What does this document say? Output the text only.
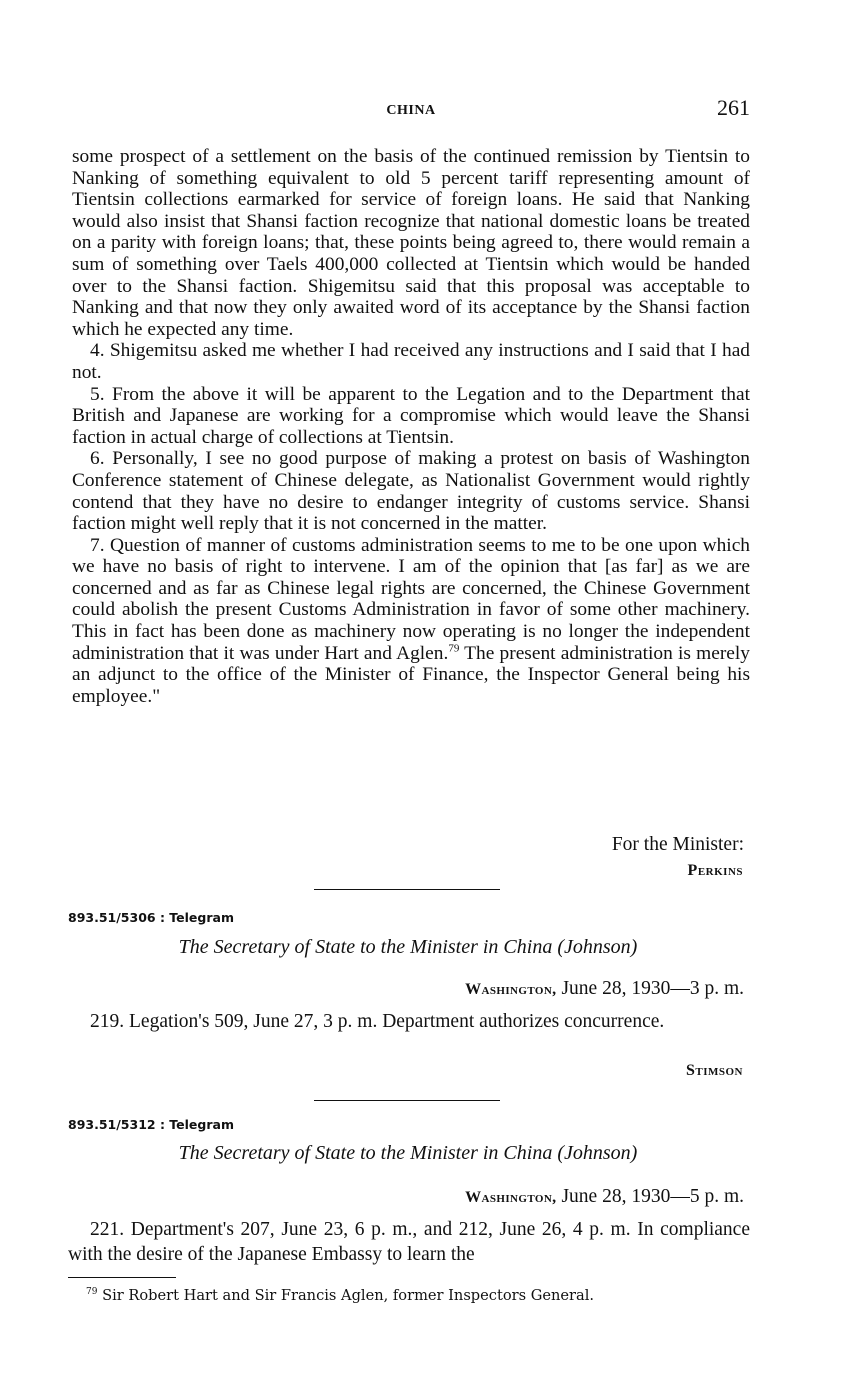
CHINA	261

some prospect of a settlement on the basis of the continued remission by Tientsin to Nanking of something equivalent to old 5 percent tariff representing amount of Tientsin collections earmarked for service of foreign loans. He said that Nanking would also insist that Shansi faction recognize that national domestic loans be treated on a parity with foreign loans; that, these points being agreed to, there would remain a sum of something over Taels 400,000 collected at Tientsin which would be handed over to the Shansi faction. Shigemitsu said that this proposal was acceptable to Nanking and that now they only awaited word of its acceptance by the Shansi faction which he expected any time.

4. Shigemitsu asked me whether I had received any instructions and I said that I had not.

5. From the above it will be apparent to the Legation and to the Department that British and Japanese are working for a compromise which would leave the Shansi faction in actual charge of collections at Tientsin.

6. Personally, I see no good purpose of making a protest on basis of Washington Conference statement of Chinese delegate, as Nationalist Government would rightly contend that they have no desire to endanger integrity of customs service. Shansi faction might well reply that it is not concerned in the matter.

7. Question of manner of customs administration seems to me to be one upon which we have no basis of right to intervene. I am of the opinion that [as far] as we are concerned and as far as Chinese legal rights are concerned, the Chinese Government could abolish the present Customs Administration in favor of some other machinery. This in fact has been done as machinery now operating is no longer the independent administration that it was under Hart and Aglen.$^{79}$ The present administration is merely an adjunct to the office of the Minister of Finance, the Inspector General being his employee."

For the Minister:
Perkins
893.51/5306 : Telegram
The Secretary of State to the Minister in China (Johnson)
Washington, June 28, 1930—3 p. m.

219. Legation's 509, June 27, 3 p. m. Department authorizes concurrence.

Stimson
893.51/5312 : Telegram
The Secretary of State to the Minister in China (Johnson)
Washington, June 28, 1930—5 p. m.

221. Department's 207, June 23, 6 p. m., and 212, June 26, 4 p. m. In compliance with the desire of the Japanese Embassy to learn the

$^{79}$ Sir Robert Hart and Sir Francis Aglen, former Inspectors General.
